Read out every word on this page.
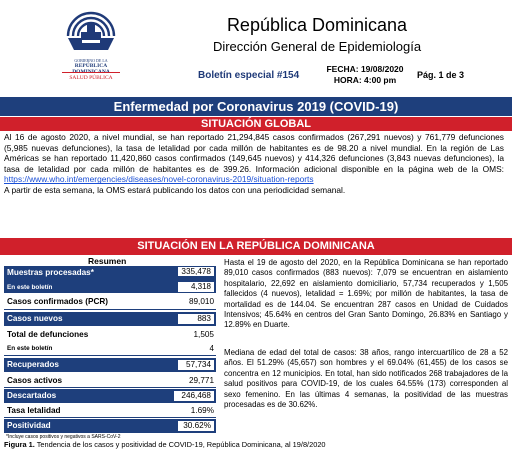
GOBIERNO DE LA
REPÚBLICA
SALUD PÚBLICA
República Dominicana
Dirección General de Epidemiología
Boletín especial #154
FECHA: 19/08/2020
HORA: 4:00 pm	Pág. 1 de 3
Enfermedad por Coronavirus 2019 (COVID-19)
SITUACIÓN GLOBAL
Al 16 de agosto 2020, a nivel mundial, se han reportado 21,294,845 casos confirmados (267,291 nuevos) y 761,779 defunciones (5,985 nuevas defunciones), la tasa de letalidad por cada millón de habitantes es de 98.20 a nivel mundial. En la región de Las Américas se han reportado 11,420,860 casos confirmados (149,645 nuevos) y 414,326 defunciones (3,843 nuevas defunciones), la tasa de letalidad por cada millón de habitantes es de 399.26. Información adicional disponible en la página web de la OMS: https://www.who.int/emergencies/diseases/novel-coronavirus-2019/situation-reports
A partir de esta semana, la OMS estará publicando los datos con una periodicidad semanal.
SITUACIÓN EN LA REPÚBLICA DOMINICANA
Resumen
Muestras procesadas*	335,478
En este boletín	4,318
Casos confirmados (PCR)	89,010
Casos nuevos	883
Total de defunciones	1,505
En este boletín	4
Recuperados	57,734
Casos activos	29,771
Descartados	246,468
Tasa letalidad	1.69%
Positividad	30.62%
*Incluye casos positivos y negativos a SARS-CoV-2
Hasta el 19 de agosto del 2020, en la República Dominicana se han reportado 89,010 casos confirmados (883 nuevos): 7,079 se encuentran en aislamiento hospitalario, 22,692 en aislamiento domiciliario, 57,734 recuperados y 1,505 fallecidos (4 nuevos), letalidad = 1.69%; por millón de habitantes, la tasa de mortalidad es de 144.04. Se encuentran 287 casos en Unidad de Cuidados Intensivos; 45.64% en centros del Gran Santo Domingo, 26.83% en Santiago y 12.89% en Duarte.
Mediana de edad del total de casos: 38 años, rango intercuartílico de 28 a 52 años. El 51.29% (45,657) son hombres y el 69.04% (61,455) de los casos se concentra en 12 municipios. En total, han sido notificados 268 trabajadores de la salud positivos para COVID-19, de los cuales 64.55% (173) corresponden al sexo femenino. En las últimas 4 semanas, la positividad de las muestras procesadas es de 30.62%.
Figura 1. Tendencia de los casos y positividad de COVID-19, República Dominicana, al 19/8/2020
